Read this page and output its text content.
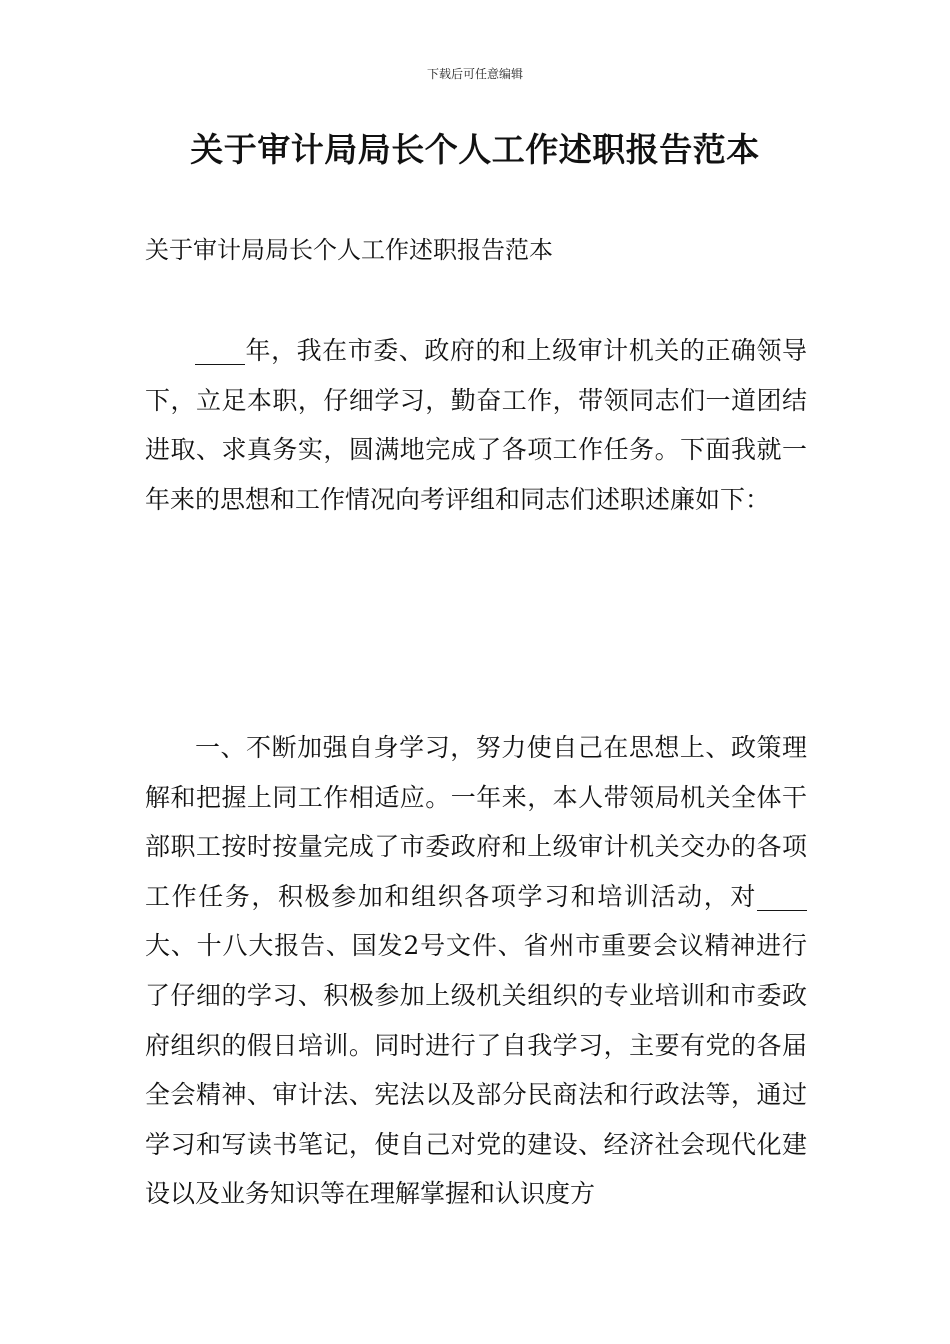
下载后可任意编辑
关于审计局局长个人工作述职报告范本
关于审计局局长个人工作述职报告范本

____年，我在市委、政府的和上级审计机关的正确领导下，立足本职，仔细学习，勤奋工作，带领同志们一道团结进取、求真务实，圆满地完成了各项工作任务。下面我就一年来的思想和工作情况向考评组和同志们述职述廉如下：

一、不断加强自身学习，努力使自己在思想上、政策理解和把握上同工作相适应。一年来，本人带领局机关全体干部职工按时按量完成了市委政府和上级审计机关交办的各项工作任务，积极参加和组织各项学习和培训活动，对____大、十八大报告、国发2号文件、省州市重要会议精神进行了仔细的学习、积极参加上级机关组织的专业培训和市委政府组织的假日培训。同时进行了自我学习，主要有党的各届全会精神、审计法、宪法以及部分民商法和行政法等，通过学习和写读书笔记，使自己对党的建设、经济社会现代化建设以及业务知识等在理解掌握和认识度方
